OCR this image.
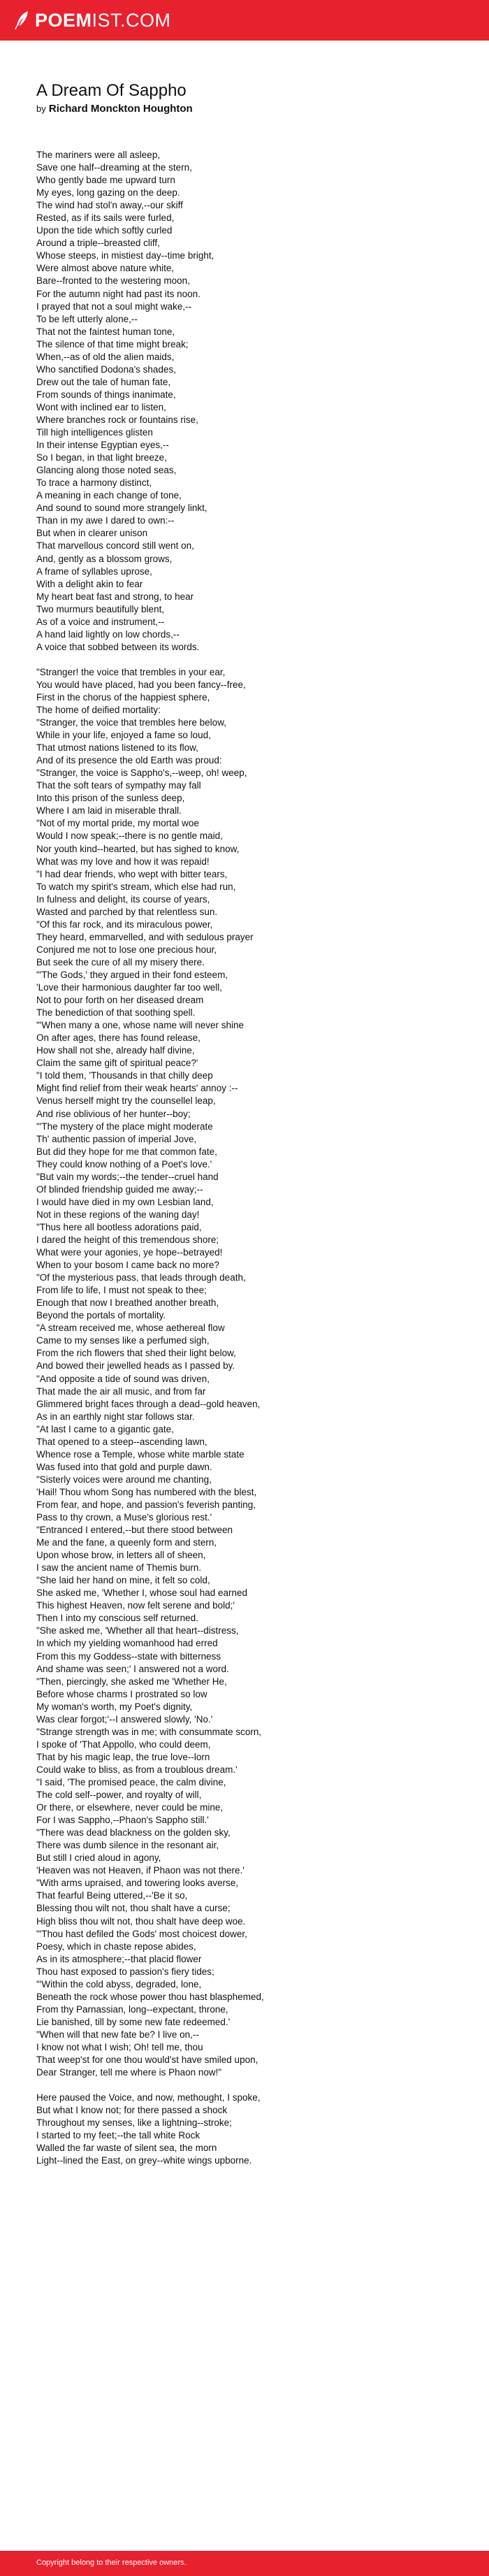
POEMIST.COM
A Dream Of Sappho
by Richard Monckton Houghton
The mariners were all asleep,
Save one half--dreaming at the stern,
Who gently bade me upward turn
My eyes, long gazing on the deep.
The wind had stol'n away,--our skiff
Rested, as if its sails were furled,
Upon the tide which softly curled
Around a triple--breasted cliff,
Whose steeps, in mistiest day--time bright,
Were almost above nature white,
Bare--fronted to the westering moon,
For the autumn night had past its noon.
I prayed that not a soul might wake,--
To be left utterly alone,--
That not the faintest human tone,
The silence of that time might break;
When,--as of old the alien maids,
Who sanctified Dodona's shades,
Drew out the tale of human fate,
From sounds of things inanimate,
Wont with inclined ear to listen,
Where branches rock or fountains rise,
Till high intelligences glisten
In their intense Egyptian eyes,--
So I began, in that light breeze,
Glancing along those noted seas,
To trace a harmony distinct,
A meaning in each change of tone,
And sound to sound more strangely linkt,
Than in my awe I dared to own:--
But when in clearer unison
That marvellous concord still went on,
And, gently as a blossom grows,
A frame of syllables uprose,
With a delight akin to fear
My heart beat fast and strong, to hear
Two murmurs beautifully blent,
As of a voice and instrument,--
A hand laid lightly on low chords,--
A voice that sobbed between its words.
"Stranger! the voice that trembles in your ear,
You would have placed, had you been fancy--free,
First in the chorus of the happiest sphere,
The home of deified mortality:
"Stranger, the voice that trembles here below,
While in your life, enjoyed a fame so loud,
That utmost nations listened to its flow,
And of its presence the old Earth was proud:
"Stranger, the voice is Sappho's,--weep, oh! weep,
That the soft tears of sympathy may fall
Into this prison of the sunless deep,
Where I am laid in miserable thrall.
"Not of my mortal pride, my mortal woe
Would I now speak;--there is no gentle maid,
Nor youth kind--hearted, but has sighed to know,
What was my love and how it was repaid!
"I had dear friends, who wept with bitter tears,
To watch my spirit's stream, which else had run,
In fulness and delight, its course of years,
Wasted and parched by that relentless sun.
"Of this far rock, and its miraculous power,
They heard, emmarvelled, and with sedulous prayer
Conjured me not to lose one precious hour,
But seek the cure of all my misery there.
"'The Gods,' they argued in their fond esteem,
'Love their harmonious daughter far too well,
Not to pour forth on her diseased dream
The benediction of that soothing spell.
"'When many a one, whose name will never shine
On after ages, there has found release,
How shall not she, already half divine,
Claim the same gift of spiritual peace?'
"I told them, 'Thousands in that chilly deep
Might find relief from their weak hearts' annoy :--
Venus herself might try the counsellel leap,
And rise oblivious of her hunter--boy;
"'The mystery of the place might moderate
Th' authentic passion of imperial Jove,
But did they hope for me that common fate,
They could know nothing of a Poet's love.'
"But vain my words;--the tender--cruel hand
Of blinded friendship guided me away;--
I would have died in my own Lesbian land,
Not in these regions of the waning day!
"Thus here all bootless adorations paid,
I dared the height of this tremendous shore;
What were your agonies, ye hope--betrayed!
When to your bosom I came back no more?
"Of the mysterious pass, that leads through death,
From life to life, I must not speak to thee;
Enough that now I breathed another breath,
Beyond the portals of mortality.
"A stream received me, whose aethereal flow
Came to my senses like a perfumed sigh,
From the rich flowers that shed their light below,
And bowed their jewelled heads as I passed by.
"And opposite a tide of sound was driven,
That made the air all music, and from far
Glimmered bright faces through a dead--gold heaven,
As in an earthly night star follows star.
"At last I came to a gigantic gate,
That opened to a steep--ascending lawn,
Whence rose a Temple, whose white marble state
Was fused into that gold and purple dawn.
"Sisterly voices were around me chanting,
'Hail! Thou whom Song has numbered with the blest,
From fear, and hope, and passion's feverish panting,
Pass to thy crown, a Muse's glorious rest.'
"Entranced I entered,--but there stood between
Me and the fane, a queenly form and stern,
Upon whose brow, in letters all of sheen,
I saw the ancient name of Themis burn.
"She laid her hand on mine, it felt so cold,
She asked me, 'Whether I, whose soul had earned
This highest Heaven, now felt serene and bold;'
Then I into my conscious self returned.
"She asked me, 'Whether all that heart--distress,
In which my yielding womanhood had erred
From this my Goddess--state with bitterness
And shame was seen;' I answered not a word.
"Then, piercingly, she asked me 'Whether He,
Before whose charms I prostrated so low
My woman's worth, my Poet's dignity,
Was clear forgot;'--I answered slowly, 'No.'
"Strange strength was in me; with consummate scorn,
I spoke of 'That Appollo, who could deem,
That by his magic leap, the true love--lorn
Could wake to bliss, as from a troublous dream.'
"I said, 'The promised peace, the calm divine,
The cold self--power, and royalty of will,
Or there, or elsewhere, never could be mine,
For I was Sappho,--Phaon's Sappho still.'
"There was dead blackness on the golden sky,
There was dumb silence in the resonant air,
But still I cried aloud in agony,
'Heaven was not Heaven, if Phaon was not there.'
"With arms upraised, and towering looks averse,
That fearful Being uttered,--'Be it so,
Blessing thou wilt not, thou shalt have a curse;
High bliss thou wilt not, thou shalt have deep woe.
"'Thou hast defiled the Gods' most choicest dower,
Poesy, which in chaste repose abides,
As in its atmosphere;--that placid flower
Thou hast exposed to passion's fiery tides;
"'Within the cold abyss, degraded, lone,
Beneath the rock whose power thou hast blasphemed,
From thy Parnassian, long--expectant, throne,
Lie banished, till by some new fate redeemed.'
"When will that new fate be? I live on,--
I know not what I wish; Oh! tell me, thou
That weep'st for one thou would'st have smiled upon,
Dear Stranger, tell me where is Phaon now!"
Here paused the Voice, and now, methought, I spoke,
But what I know not; for there passed a shock
Throughout my senses, like a lightning--stroke;
I started to my feet;--the tall white Rock
Walled the far waste of silent sea, the morn
Light--lined the East, on grey--white wings upborne.
Copyright belong to their respective owners.
